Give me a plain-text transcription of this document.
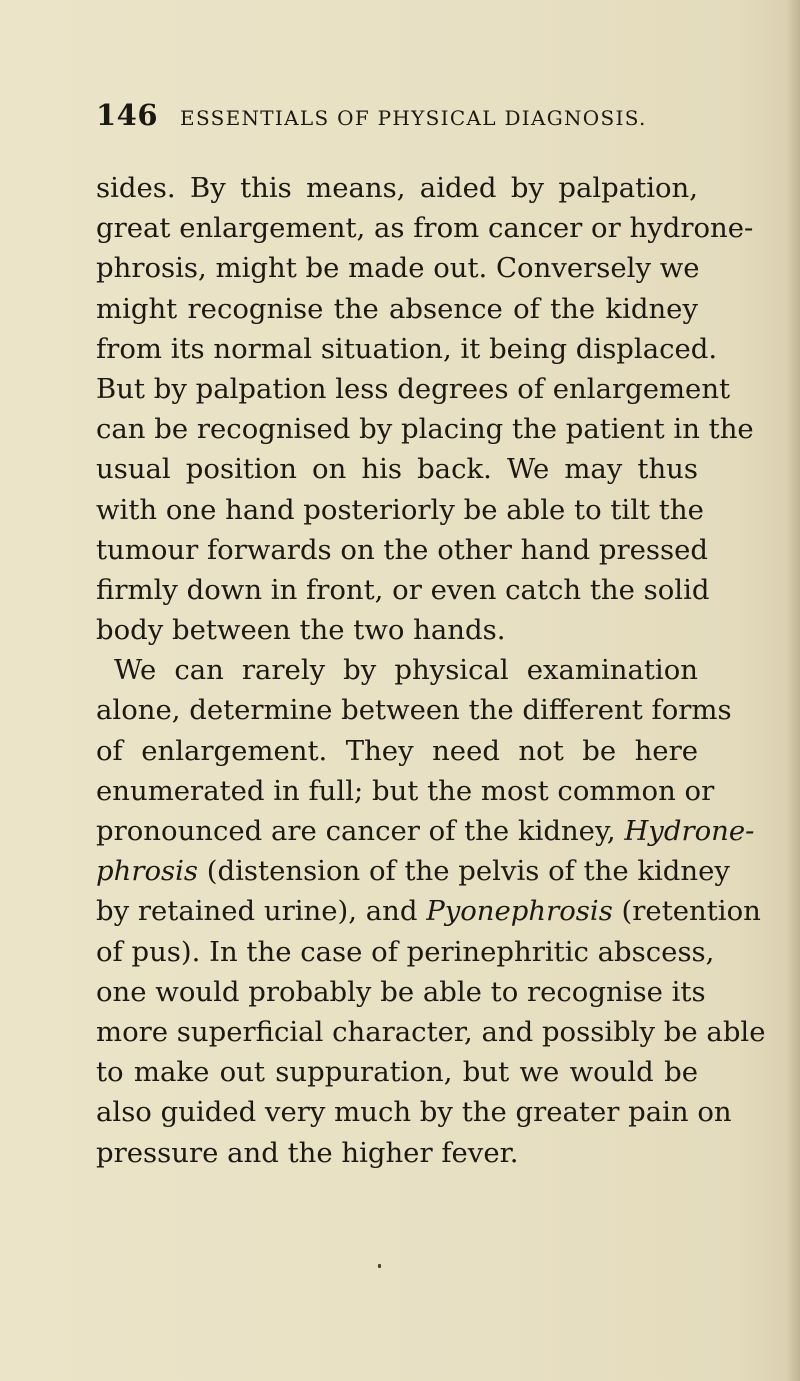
146 ESSENTIALS OF PHYSICAL DIAGNOSIS.
sides. By this means, aided by palpation,
great enlargement, as from cancer or hydrone-
phrosis, might be made out. Conversely we
might recognise the absence of the kidney
from its normal situation, it being displaced.
But by palpation less degrees of enlargement
can be recognised by placing the patient in the
usual position on his back. We may thus
with one hand posteriorly be able to tilt the
tumour forwards on the other hand pressed
firmly down in front, or even catch the solid
body between the two hands.
We can rarely by physical examination
alone, determine between the different forms
of enlargement. They need not be here
enumerated in full; but the most common or
pronounced are cancer of the kidney, Hydrone-
phrosis (distension of the pelvis of the kidney
by retained urine), and Pyonephrosis (retention
of pus). In the case of perinephritic abscess,
one would probably be able to recognise its
more superficial character, and possibly be able
to make out suppuration, but we would be
also guided very much by the greater pain on
pressure and the higher fever.
